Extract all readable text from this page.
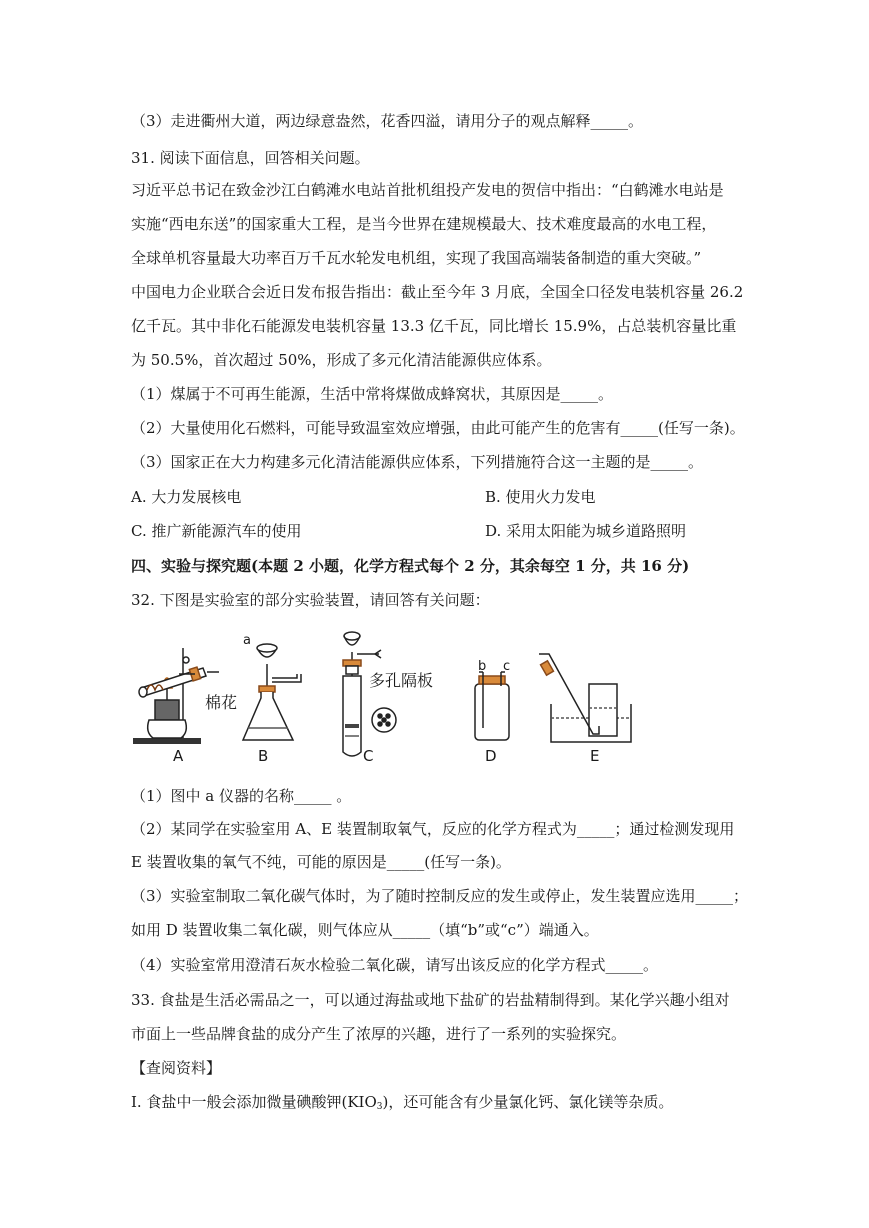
（3）走进衢州大道，两边绿意盎然，花香四溢，请用分子的观点解释_____。
31. 阅读下面信息，回答相关问题。
习近平总书记在致金沙江白鹤滩水电站首批机组投产发电的贺信中指出：“白鹤滩水电站是
实施“西电东送”的国家重大工程，是当今世界在建规模最大、技术难度最高的水电工程，
全球单机容量最大功率百万千瓦水轮发电机组，实现了我国高端装备制造的重大突破。”
中国电力企业联合会近日发布报告指出：截止至今年 3 月底，全国全口径发电装机容量 26.2
亿千瓦。其中非化石能源发电装机容量 13.3 亿千瓦，同比增长 15.9%，占总装机容量比重
为 50.5%，首次超过 50%，形成了多元化清洁能源供应体系。
（1）煤属于不可再生能源，生活中常将煤做成蜂窝状，其原因是_____。
（2）大量使用化石燃料，可能导致温室效应增强，由此可能产生的危害有_____(任写一条)。
（3）国家正在大力构建多元化清洁能源供应体系，下列措施符合这一主题的是_____。
A. 大力发展核电	B. 使用火力发电
C. 推广新能源汽车的使用	D. 采用太阳能为城乡道路照明
四、实验与探究题(本题 2 小题，化学方程式每个 2 分，其余每空 1 分，共 16 分)
32. 下图是实验室的部分实验装置，请回答有关问题：
棉花
A
a
B
多孔隔板
C
b c
D	E
（1）图中 a 仪器的名称_____ 。
（2）某同学在实验室用 A、E 装置制取氧气，反应的化学方程式为_____；通过检测发现用
E 装置收集的氧气不纯，可能的原因是_____(任写一条)。
（3）实验室制取二氧化碳气体时，为了随时控制反应的发生或停止，发生装置应选用_____；
如用 D 装置收集二氧化碳，则气体应从_____（填“b”或“c”）端通入。
（4）实验室常用澄清石灰水检验二氧化碳，请写出该反应的化学方程式_____。
33. 食盐是生活必需品之一，可以通过海盐或地下盐矿的岩盐精制得到。某化学兴趣小组对
市面上一些品牌食盐的成分产生了浓厚的兴趣，进行了一系列的实验探究。
【查阅资料】
Ⅰ. 食盐中一般会添加微量碘酸钾$(KIO_3)$，还可能含有少量氯化钙、氯化镁等杂质。
